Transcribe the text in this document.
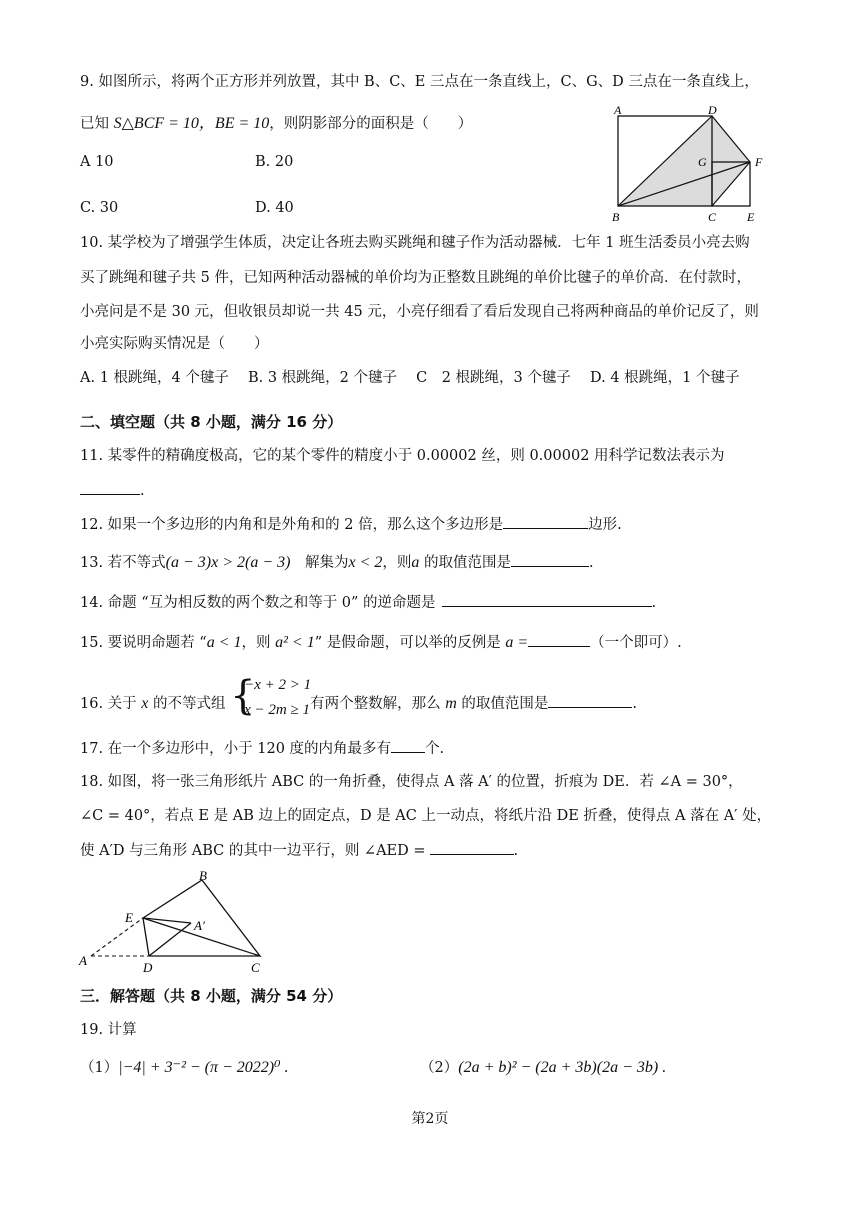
9. 如图所示，将两个正方形并列放置，其中 B、C、E 三点在一条直线上，C、G、D 三点在一条直线上，
已知 S△BCF = 10，BE = 10，则阴影部分的面积是（　　）
A 10	B. 20
C. 30	D. 40
A	D
G	F
B	C	E
10. 某学校为了增强学生体质，决定让各班去购买跳绳和毽子作为活动器械．七年 1 班生活委员小亮去购
买了跳绳和毽子共 5 件，已知两种活动器械的单价均为正整数且跳绳的单价比毽子的单价高．在付款时，
小亮问是不是 30 元，但收银员却说一共 45 元，小亮仔细看了看后发现自己将两种商品的单价记反了，则
小亮实际购买情况是（　　）
A. 1 根跳绳，4 个毽子　 B. 3 根跳绳，2 个毽子　 C　2 根跳绳，3 个毽子　 D. 4 根跳绳，1 个毽子
二、填空题（共 8 小题，满分 16 分）
11. 某零件的精确度极高，它的某个零件的精度小于 0.00002 丝，则 0.00002 用科学记数法表示为
.
12. 如果一个多边形的内角和是外角和的 2 倍，那么这个多边形是	边形.
13. 若不等式(a − 3)x > 2(a − 3)　解集为x < 2，则a 的取值范围是	.
14. 命题 “互为相反数的两个数之和等于 0” 的逆命题是	.
15. 要说明命题若 “a < 1，则 a² < 1” 是假命题，可以举的反例是 a =	（一个即可）.
16. 关于 x 的不等式组 {
−x + 2 > 1
x − 2m ≥ 1 有两个整数解，那么 m 的取值范围是	.
17. 在一个多边形中，小于 120 度的内角最多有 个.
18. 如图，将一张三角形纸片 ABC 的一角折叠，使得点 A 落 A′ 的位置，折痕为 DE．若 ∠A = 30°，
∠C = 40°，若点 E 是 AB 边上的固定点，D 是 AC 上一动点，将纸片沿 DE 折叠，使得点 A 落在 A′ 处，
使 A′D 与三角形 ABC 的其中一边平行，则 ∠AED =	.
B
E
A′
A	D	C
三．解答题（共 8 小题，满分 54 分）
19. 计算
（1）|−4| + 3⁻² − (π − 2022)⁰ .	（2）(2a + b)² − (2a + 3b)(2a − 3b) .
第2页
